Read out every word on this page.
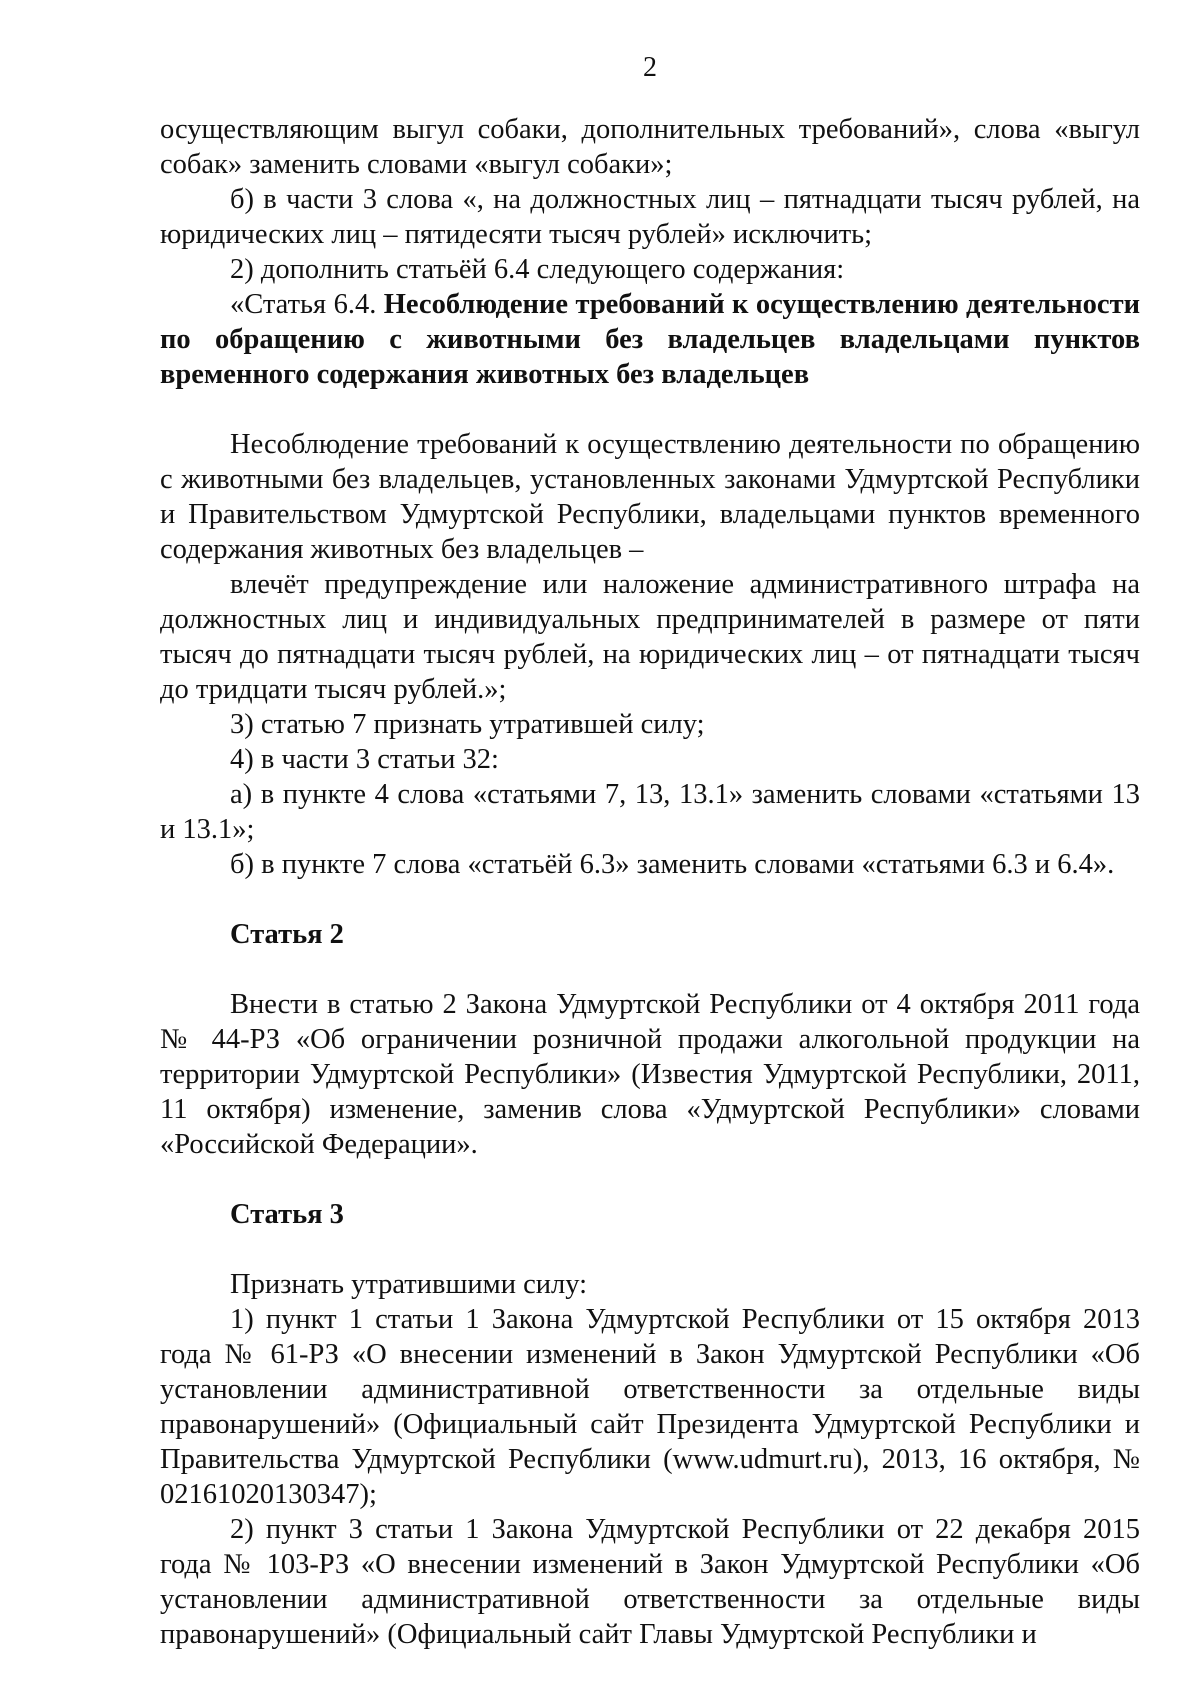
2

осуществляющим выгул собаки, дополнительных требований», слова «выгул собак» заменить словами «выгул собаки»;

б) в части 3 слова «, на должностных лиц – пятнадцати тысяч рублей, на юридических лиц – пятидесяти тысяч рублей» исключить;

2) дополнить статьёй 6.4 следующего содержания:

«Статья 6.4. Несоблюдение требований к осуществлению деятельности по обращению с животными без владельцев владельцами пунктов временного содержания животных без владельцев

Несоблюдение требований к осуществлению деятельности по обращению с животными без владельцев, установленных законами Удмуртской Республики и Правительством Удмуртской Республики, владельцами пунктов временного содержания животных без владельцев –

влечёт предупреждение или наложение административного штрафа на должностных лиц и индивидуальных предпринимателей в размере от пяти тысяч до пятнадцати тысяч рублей, на юридических лиц – от пятнадцати тысяч до тридцати тысяч рублей.»;

3) статью 7 признать утратившей силу;

4) в части 3 статьи 32:

а) в пункте 4 слова «статьями 7, 13, 13.1» заменить словами «статьями 13 и 13.1»;

б) в пункте 7 слова «статьёй 6.3» заменить словами «статьями 6.3 и 6.4».

Статья 2

Внести в статью 2 Закона Удмуртской Республики от 4 октября 2011 года № 44-РЗ «Об ограничении розничной продажи алкогольной продукции на территории Удмуртской Республики» (Известия Удмуртской Республики, 2011, 11 октября) изменение, заменив слова «Удмуртской Республики» словами «Российской Федерации».

Статья 3

Признать утратившими силу:

1) пункт 1 статьи 1 Закона Удмуртской Республики от 15 октября 2013 года № 61-РЗ «О внесении изменений в Закон Удмуртской Республики «Об установлении административной ответственности за отдельные виды правонарушений» (Официальный сайт Президента Удмуртской Республики и Правительства Удмуртской Республики (www.udmurt.ru), 2013, 16 октября, № 02161020130347);

2) пункт 3 статьи 1 Закона Удмуртской Республики от 22 декабря 2015 года № 103-РЗ «О внесении изменений в Закон Удмуртской Республики «Об установлении административной ответственности за отдельные виды правонарушений» (Официальный сайт Главы Удмуртской Республики и
